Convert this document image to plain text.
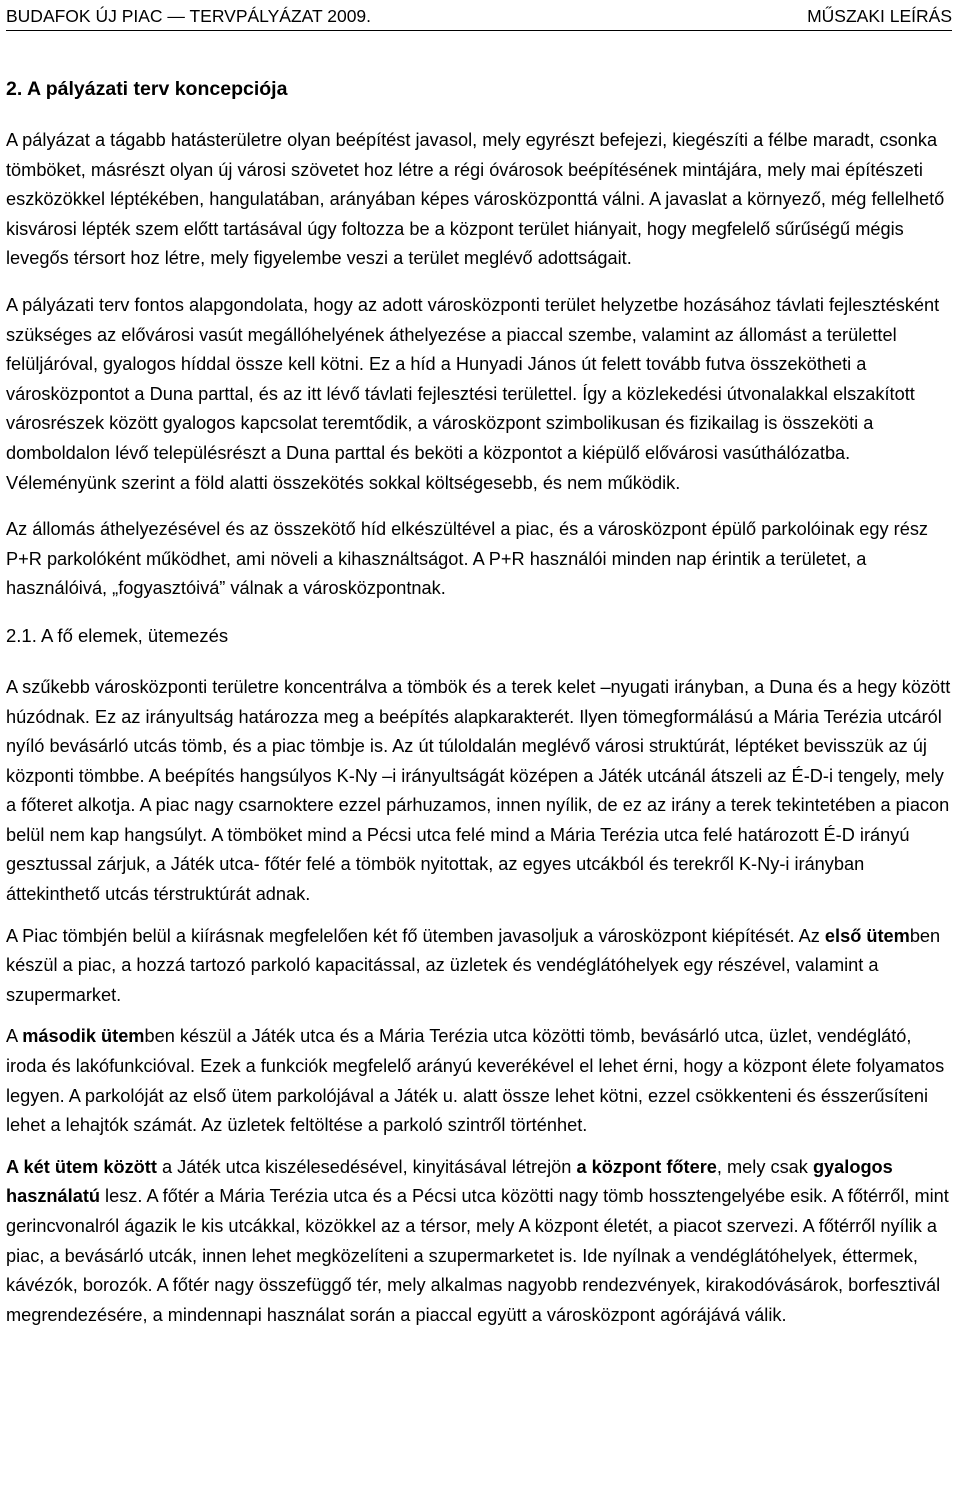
BUDAFOK ÚJ PIAC — TERVPÁLYÁZAT 2009.	MŰSZAKI LEÍRÁS
2. A pályázati terv koncepciója

A pályázat a tágabb hatásterületre olyan beépítést javasol, mely egyrészt befejezi, kiegészíti a félbe maradt, csonka tömböket, másrészt olyan új városi szövetet hoz létre a régi óvárosok beépítésének mintájára, mely mai építészeti eszközökkel léptékében, hangulatában, arányában képes városközponttá válni. A javaslat a környező, még fellelhető kisvárosi lépték szem előtt tartásával úgy foltozza be a központ terület hiányait, hogy megfelelő sűrűségű mégis levegős térsort hoz létre, mely figyelembe veszi a terület meglévő adottságait.

A pályázati terv fontos alapgondolata, hogy az adott városközponti terület helyzetbe hozásához távlati fejlesztésként szükséges az elővárosi vasút megállóhelyének áthelyezése a piaccal szembe, valamint az állomást a területtel felüljáróval, gyalogos híddal össze kell kötni. Ez a híd a Hunyadi János út felett tovább futva összekötheti a városközpontot a Duna parttal, és az itt lévő távlati fejlesztési területtel. Így a közlekedési útvonalakkal elszakított városrészek között gyalogos kapcsolat teremtődik, a városközpont szimbolikusan és fizikailag is összeköti a domboldalon lévő településrészt a Duna parttal és beköti a központot a kiépülő elővárosi vasúthálózatba. Véleményünk szerint a föld alatti összekötés sokkal költségesebb, és nem működik.

Az állomás áthelyezésével és az összekötő híd elkészültével a piac, és a városközpont épülő parkolóinak egy rész P+R parkolóként működhet, ami növeli a kihasználtságot. A P+R használói minden nap érintik a területet, a használóivá, „fogyasztóivá” válnak a városközpontnak.

2.1. A fő elemek, ütemezés

A szűkebb városközponti területre koncentrálva a tömbök és a terek kelet –nyugati irányban, a Duna és a hegy között húzódnak. Ez az irányultság határozza meg a beépítés alapkarakterét. Ilyen tömegformálású a Mária Terézia utcáról nyíló bevásárló utcás tömb, és a piac tömbje is. Az út túloldalán meglévő városi struktúrát, léptéket bevisszük az új központi tömbbe. A beépítés hangsúlyos K-Ny –i irányultságát középen a Játék utcánál átszeli az É-D-i tengely, mely a főteret alkotja. A piac nagy csarnoktere ezzel párhuzamos, innen nyílik, de ez az irány a terek tekintetében a piacon belül nem kap hangsúlyt. A tömböket mind a Pécsi utca felé mind a Mária Terézia utca felé határozott É-D irányú gesztussal zárjuk, a Játék utca- főtér felé a tömbök nyitottak, az egyes utcákból és terekről K-Ny-i irányban áttekinthető utcás térstruktúrát adnak.

A Piac tömbjén belül a kiírásnak megfelelően két fő ütemben javasoljuk a városközpont kiépítését. Az első ütemben készül a piac, a hozzá tartozó parkoló kapacitással, az üzletek és vendéglátóhelyek egy részével, valamint a szupermarket.

A második ütemben készül a Játék utca és a Mária Terézia utca közötti tömb, bevásárló utca, üzlet, vendéglátó, iroda és lakófunkcióval. Ezek a funkciók megfelelő arányú keverékével el lehet érni, hogy a központ élete folyamatos legyen. A parkolóját az első ütem parkolójával a Játék u. alatt össze lehet kötni, ezzel csökkenteni és ésszerűsíteni lehet a lehajtók számát. Az üzletek feltöltése a parkoló szintről történhet.

A két ütem között a Játék utca kiszélesedésével, kinyitásával létrejön a központ főtere, mely csak gyalogos használatú lesz. A főtér a Mária Terézia utca és a Pécsi utca közötti nagy tömb hossztengelyébe esik. A főtérről, mint gerincvonalról ágazik le kis utcákkal, közökkel az a térsor, mely A központ életét, a piacot szervezi. A főtérről nyílik a piac, a bevásárló utcák, innen lehet megközelíteni a szupermarketet is. Ide nyílnak a vendéglátóhelyek, éttermek, kávézók, borozók. A főtér nagy összefüggő tér, mely alkalmas nagyobb rendezvények, kirakodóvásárok, borfesztivál megrendezésére, a mindennapi használat során a piaccal együtt a városközpont agórájává válik.
